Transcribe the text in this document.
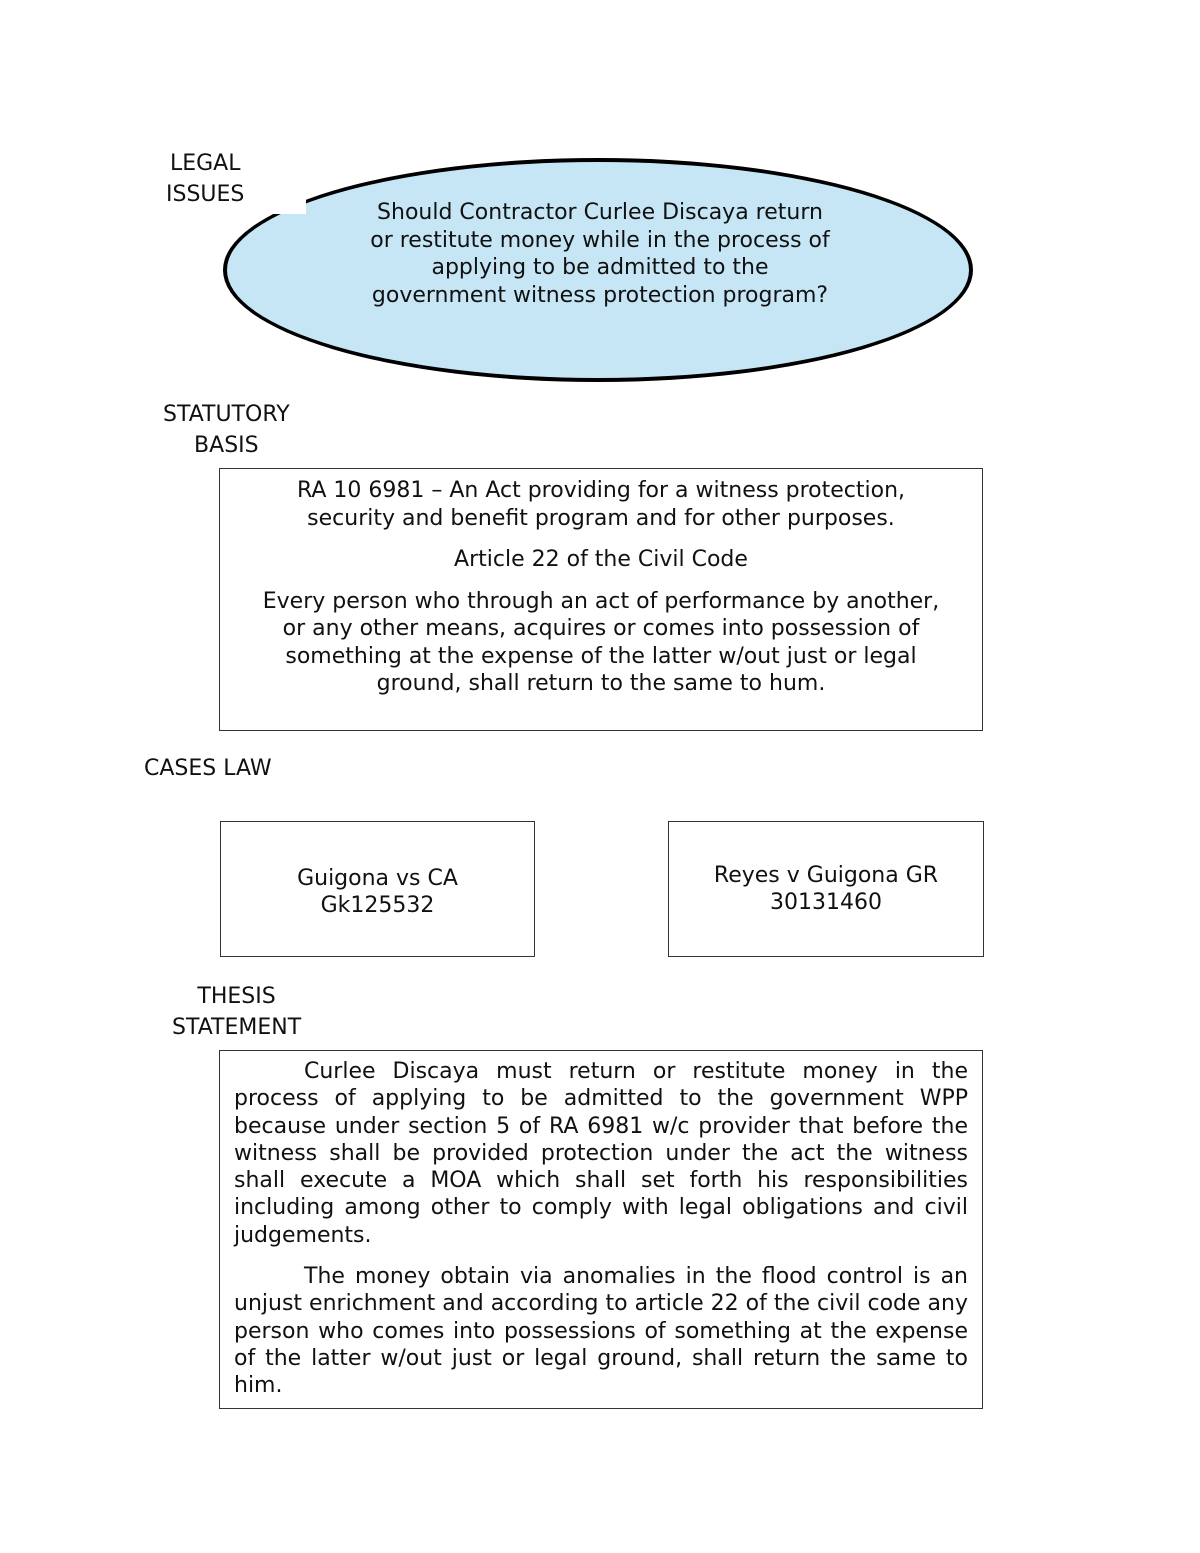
LEGAL
ISSUES
Should Contractor Curlee Discaya return
or restitute money while in the process of
applying to be admitted to the
government witness protection program?
STATUTORY
BASIS

RA 10 6981 – An Act providing for a witness protection,
security and benefit program and for other purposes.

Article 22 of the Civil Code

Every person who through an act of performance by another,
or any other means, acquires or comes into possession of
something at the expense of the latter w/out just or legal
ground, shall return to the same to hum.

CASES LAW
Guigona vs CA
Gk125532
Reyes v Guigona GR
30131460
THESIS
STATEMENT

Curlee Discaya must return or restitute money in the process of applying to be admitted to the government WPP because under section 5 of RA 6981 w/c provider that before the witness shall be provided protection under the act the witness shall execute a MOA which shall set forth his responsibilities including among other to comply with legal obligations and civil judgements.

The money obtain via anomalies in the flood control is an unjust enrichment and according to article 22 of the civil code any person who comes into possessions of something at the expense of the latter w/out just or legal ground, shall return the same to him.
